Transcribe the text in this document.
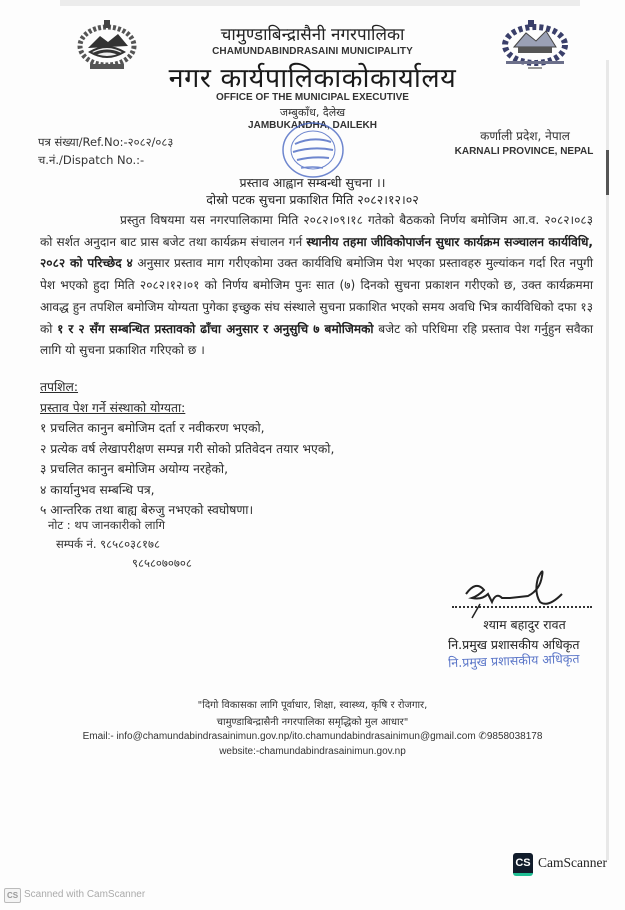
चामुण्डाबिन्द्रासैनी नगरपालिका
CHAMUNDABINDRASAINI MUNICIPALITY
नगर कार्यपालिकाकोकार्यालय
OFFICE OF THE MUNICIPAL EXECUTIVE
जम्बुकाँध, दैलेख
JAMBUKANDHA, DAILEKH
पत्र संख्या/Ref.No:-२०८२/०८३
च.नं./Dispatch No.:-
कर्णाली प्रदेश, नेपाल
KARNALI PROVINCE, NEPAL
प्रस्ताव आह्वान सम्बन्धी सुचना ।।
दोस्रो पटक सुचना प्रकाशित मिति २०८२।१२।०२
प्रस्तुत विषयमा यस नगरपालिकामा मिति २०८२।०९।१८ गतेको बैठकको निर्णय बमोजिम आ.व. २०८२।०८३ को सर्शत अनुदान बाट प्रास बजेट तथा कार्यक्रम संचालन गर्न स्थानीय तहमा जीविकोपार्जन सुधार कार्यक्रम सञ्चालन कार्यविधि, २०८२ को परिच्छेद ४ अनुसार प्रस्ताव माग गरीएकोमा उक्त कार्यविधि बमोजिम पेश भएका प्रस्तावहरु मुल्यांकन गर्दा रित नपुगी पेश भएको हुदा मिति २०८२।१२।०१ को निर्णय बमोजिम पुनः सात (७) दिनको सुचना प्रकाशन गरीएको छ, उक्त कार्यक्रममा आवद्ध हुन तपशिल बमोजिम योग्यता पुगेका इच्छुक संघ संस्थाले सुचना प्रकाशित भएको समय अवधि भित्र कार्यविधिको दफा १३ को १ र २ सँग सम्बन्धित प्रस्तावको ढाँचा अनुसार र अनुसुचि ७ बमोजिमको बजेट को परिधिमा रहि प्रस्ताव पेश गर्नुहुन सवैका लागि यो सुचना प्रकाशित गरिएको छ ।
तपशिल:
प्रस्ताव पेश गर्ने संस्थाको योग्यता:
१ प्रचलित कानुन बमोजिम दर्ता र नवीकरण भएको,
२ प्रत्येक वर्ष लेखापरीक्षण सम्पन्न गरी सोको प्रतिवेदन तयार भएको,
३ प्रचलित कानुन बमोजिम अयोग्य नरहेको,
४ कार्यानुभव सम्बन्धि पत्र,
५ आन्तरिक तथा बाह्य बेरुजु नभएको स्वघोषणा।
नोट : थप जानकारीको लागि
सम्पर्क नं. ९८५८०३८१७८
९८५८०७०७०८
श्याम बहादुर रावत
नि.प्रमुख प्रशासकीय अधिकृत
नि.प्रमुख प्रशासकीय अधिकृत
"दिगो विकासका लागि पूर्वाधार, शिक्षा, स्वास्थ्य, कृषि र रोजगार,
चामुण्डाबिन्द्रासैनी नगरपालिका समृद्धिको मुल आधार"
Email:- info@chamundabindrasainimun.gov.np/ito.chamundabindrasainimun@gmail.com ✆9858038178
website:-chamundabindrasainimun.gov.np
CS CamScanner
CS Scanned with CamScanner
